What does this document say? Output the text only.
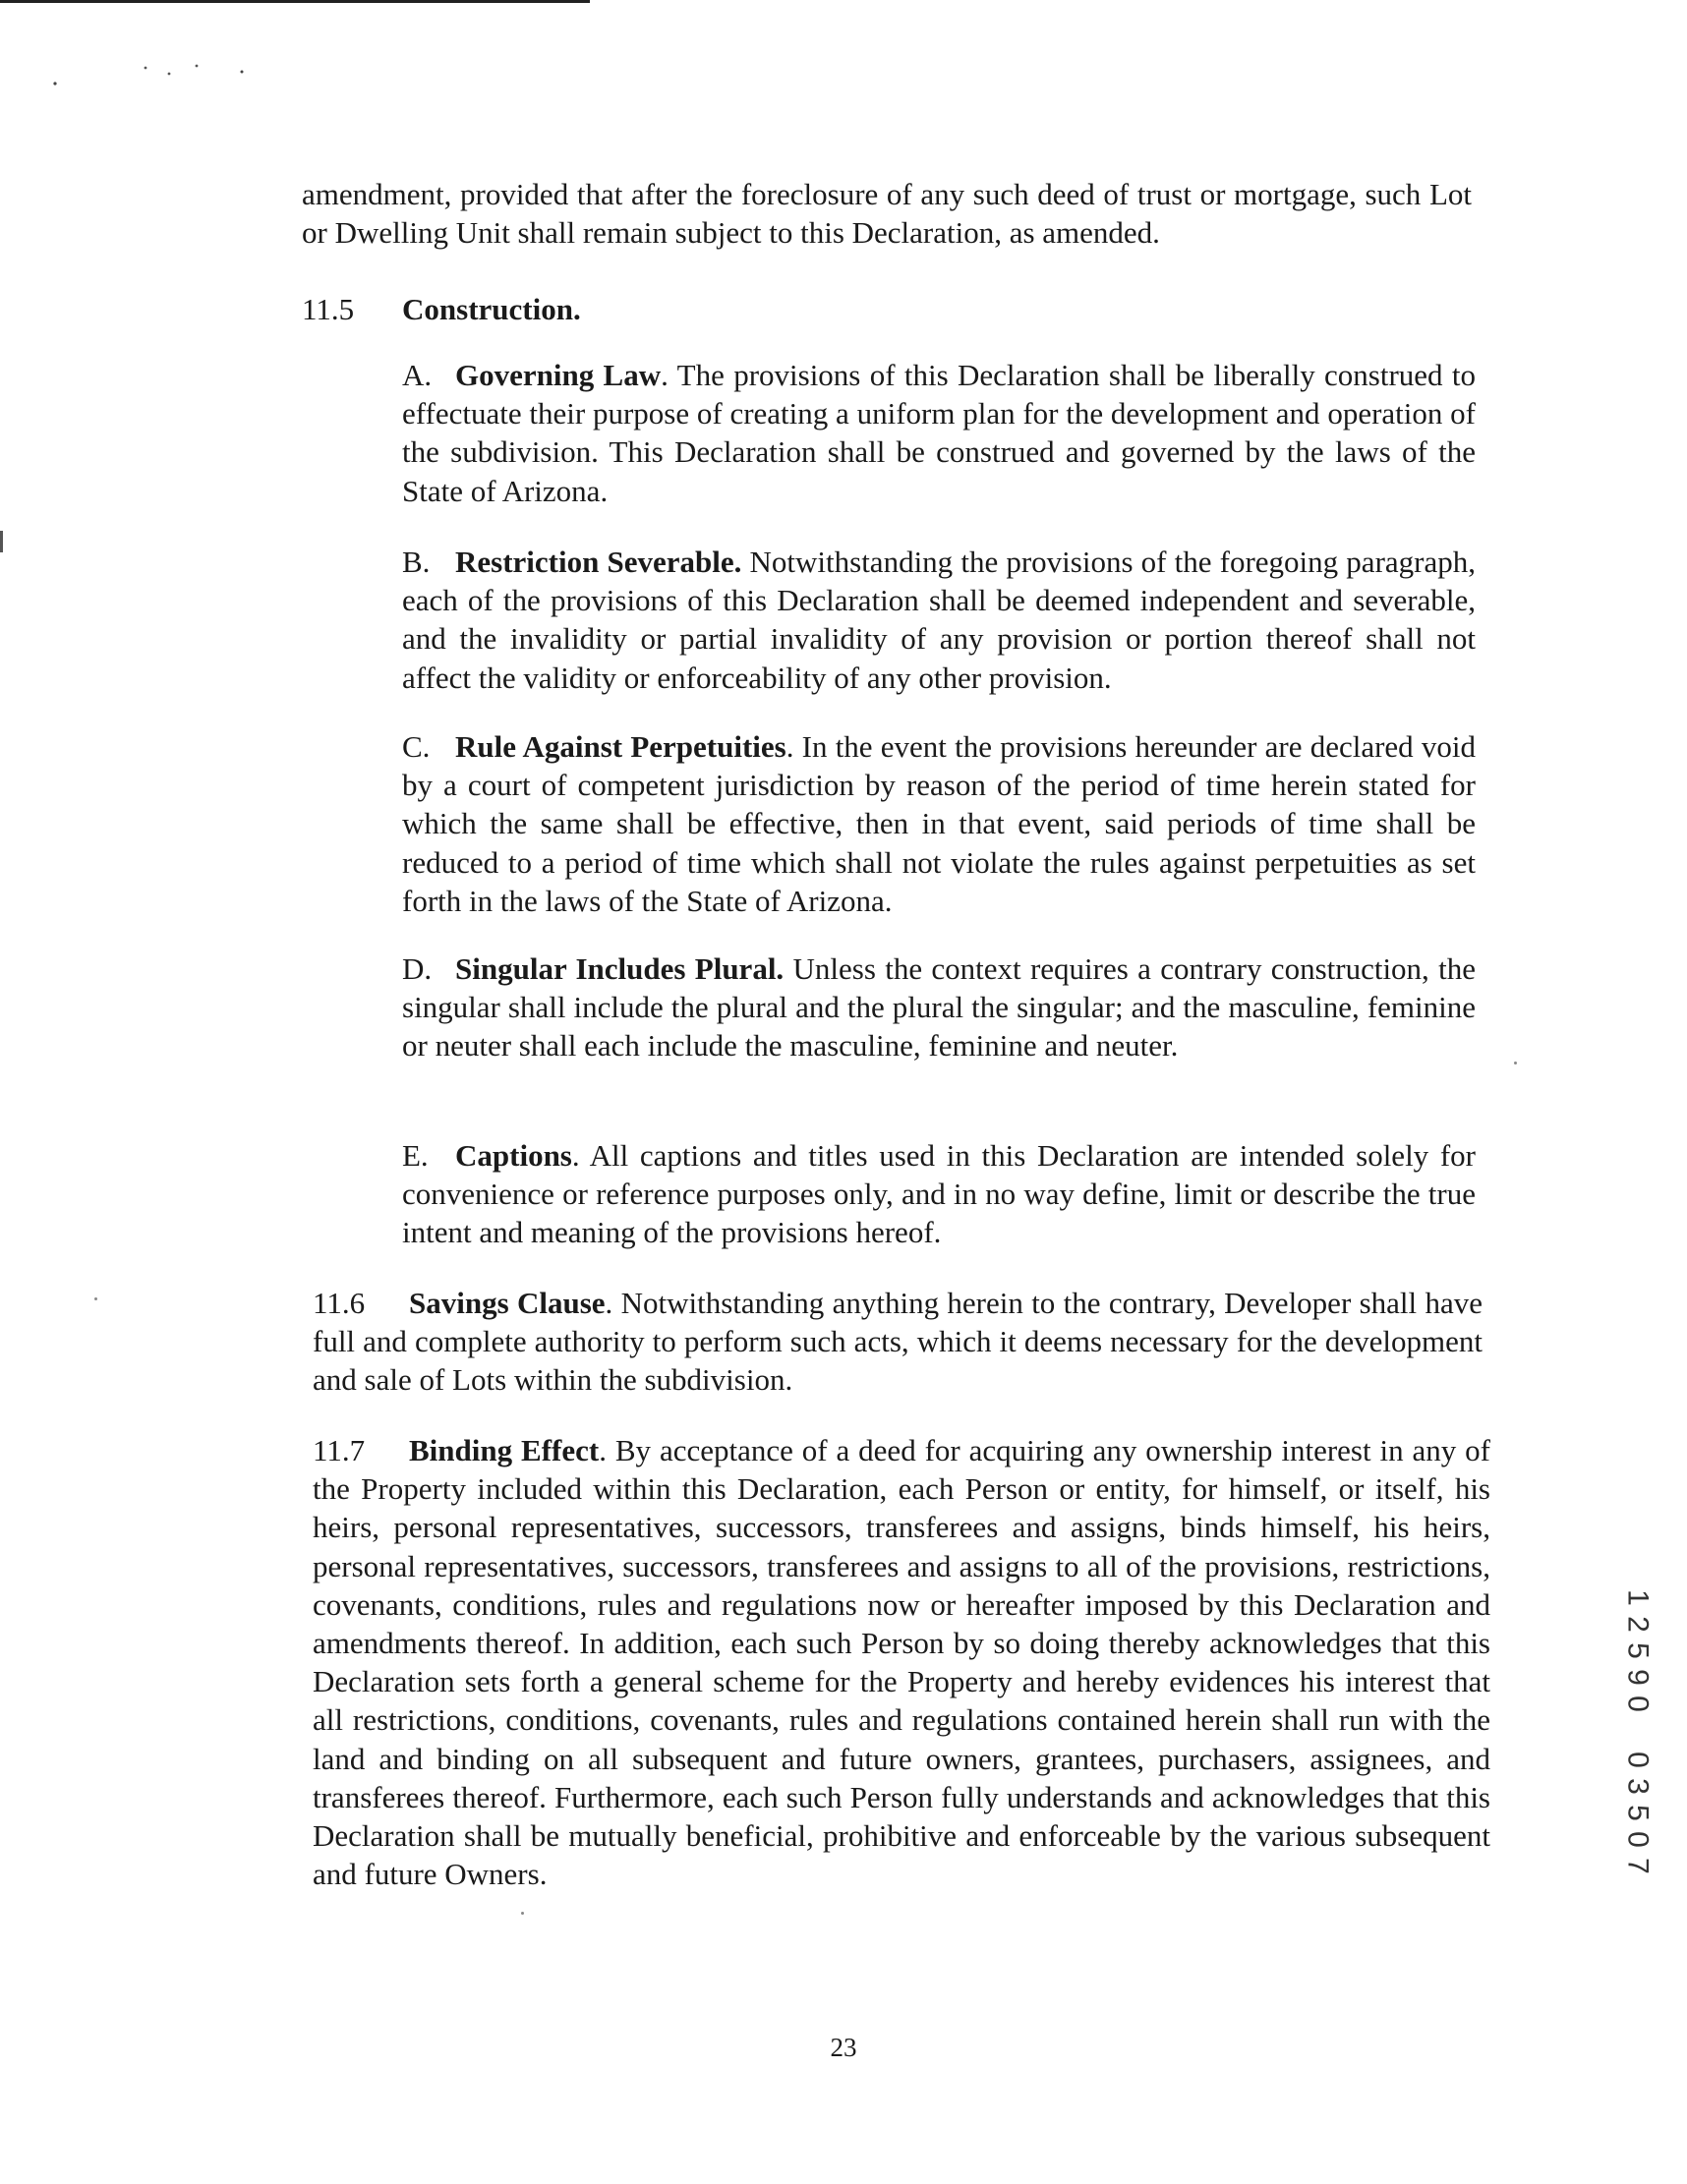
amendment, provided that after the foreclosure of any such deed of trust or mortgage, such Lot or Dwelling Unit shall remain subject to this Declaration, as amended.

11.5 Construction.

A. Governing Law. The provisions of this Declaration shall be liberally construed to effectuate their purpose of creating a uniform plan for the development and operation of the subdivision. This Declaration shall be construed and governed by the laws of the State of Arizona.

B. Restriction Severable. Notwithstanding the provisions of the foregoing paragraph, each of the provisions of this Declaration shall be deemed independent and severable, and the invalidity or partial invalidity of any provision or portion thereof shall not affect the validity or enforceability of any other provision.

C. Rule Against Perpetuities. In the event the provisions hereunder are declared void by a court of competent jurisdiction by reason of the period of time herein stated for which the same shall be effective, then in that event, said periods of time shall be reduced to a period of time which shall not violate the rules against perpetuities as set forth in the laws of the State of Arizona.

D. Singular Includes Plural. Unless the context requires a contrary construction, the singular shall include the plural and the plural the singular; and the masculine, feminine or neuter shall each include the masculine, feminine and neuter.

E. Captions. All captions and titles used in this Declaration are intended solely for convenience or reference purposes only, and in no way define, limit or describe the true intent and meaning of the provisions hereof.

11.6 Savings Clause. Notwithstanding anything herein to the contrary, Developer shall have full and complete authority to perform such acts, which it deems necessary for the development and sale of Lots within the subdivision.

11.7 Binding Effect. By acceptance of a deed for acquiring any ownership interest in any of the Property included within this Declaration, each Person or entity, for himself, or itself, his heirs, personal representatives, successors, transferees and assigns, binds himself, his heirs, personal representatives, successors, transferees and assigns to all of the provisions, restrictions, covenants, conditions, rules and regulations now or hereafter imposed by this Declaration and amendments thereof. In addition, each such Person by so doing thereby acknowledges that this Declaration sets forth a general scheme for the Property and hereby evidences his interest that all restrictions, conditions, covenants, rules and regulations contained herein shall run with the land and binding on all subsequent and future owners, grantees, purchasers, assignees, and transferees thereof. Furthermore, each such Person fully understands and acknowledges that this Declaration shall be mutually beneficial, prohibitive and enforceable by the various subsequent and future Owners.

23
1
2
5
9
0
0
3
5
0
7
